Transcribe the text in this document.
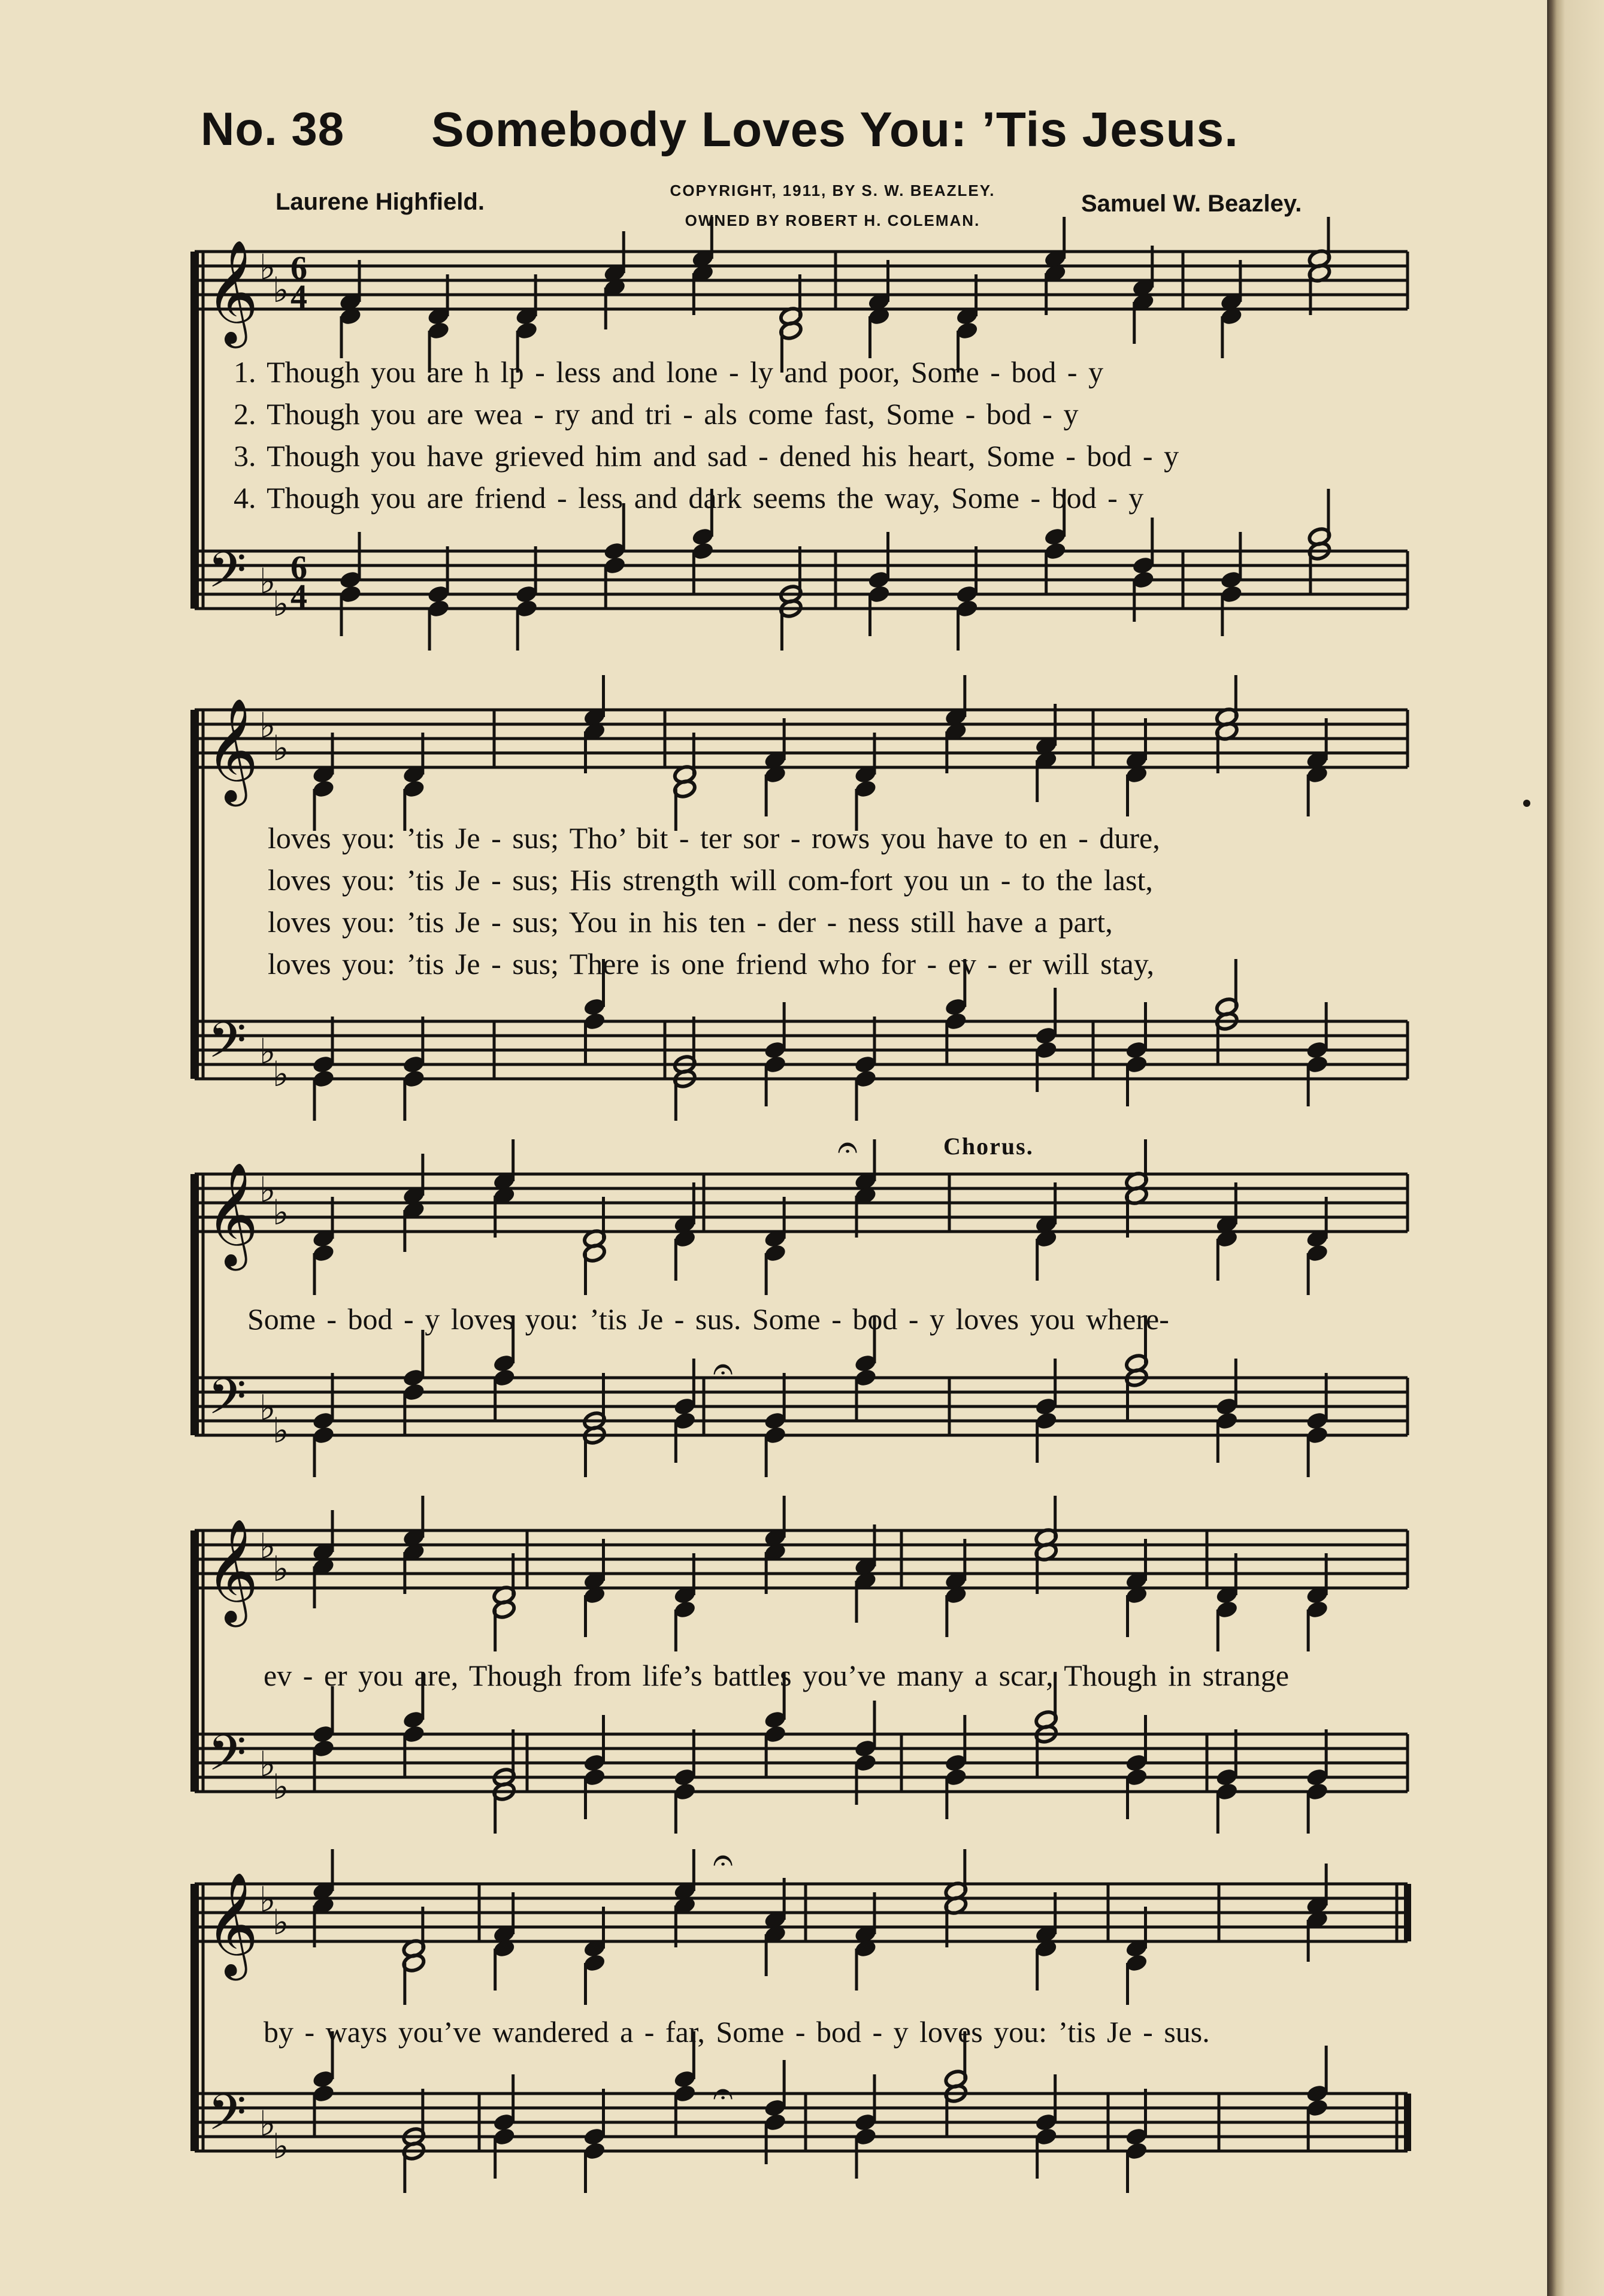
No. 38 Somebody Loves You: ’Tis Jesus.
Laurene Highfield.	COPYRIGHT, 1911, BY S. W. BEAZLEY.
OWNED BY ROBERT H. COLEMAN.
Samuel W. Beazley.
𝄞
𝄢
♭
♭
♭
♭
6
4
6
4
𝄞
𝄢
♭
♭
♭
♭
𝄞
𝄢
♭
♭
♭
♭
𝄞
𝄢
♭
♭
♭
♭
𝄞
𝄢
♭
♭
♭
♭
𝄐
𝄐
𝄐
𝄐
1. Though you are h lp - less and lone - ly and poor, Some - bod - y
2. Though you are wea - ry and tri - als come fast, Some - bod - y
3. Though you have grieved him and sad - dened his heart, Some - bod - y
4. Though you are friend - less and dark seems the way, Some - bod - y
loves you: ’tis Je - sus; Tho’ bit - ter sor - rows you have to en - dure,
loves you: ’tis Je - sus; His strength will com-fort you un - to the last,
loves you: ’tis Je - sus; You in his ten - der - ness still have a part,
loves you: ’tis Je - sus; There is one friend who for - ev - er will stay,
Chorus.
Some - bod - y loves you: ’tis Je - sus. Some - bod - y loves you where-
ev - er you are, Though from life’s battles you’ve many a scar, Though in strange
by - ways you’ve wandered a - far, Some - bod - y loves you: ’tis Je - sus.
